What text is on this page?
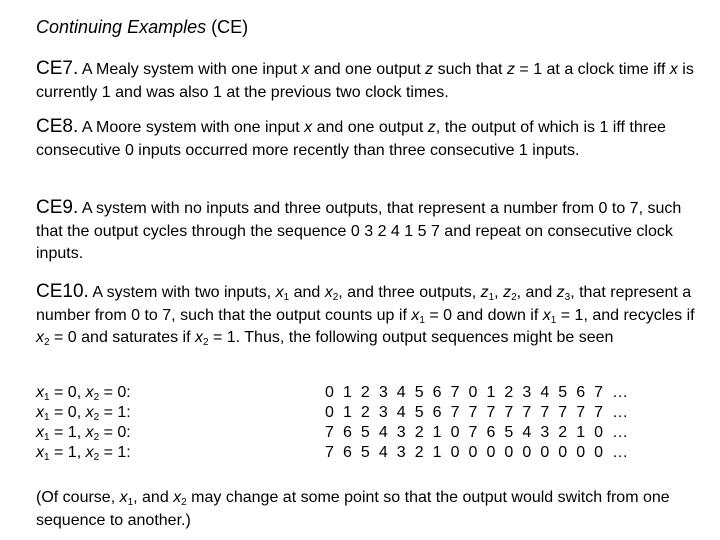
Continuing Examples (CE)

CE7. A Mealy system with one input x and one output z such that z = 1 at a clock time iff x is currently 1 and was also 1 at the previous two clock times.

CE8. A Moore system with one input x and one output z, the output of which is 1 iff three consecutive 0 inputs occurred more recently than three consecutive 1 inputs.

CE9. A system with no inputs and three outputs, that represent a number from 0 to 7, such that the output cycles through the sequence 0 3 2 4 1 5 7 and repeat on consecutive clock inputs.

CE10. A system with two inputs, $x_1$ and $x_2$, and three outputs, $z_1$, $z_2$, and $z_3$, that represent a number from 0 to 7, such that the output counts up if $x_1 = 0$ and down if $x_1 = 1$, and recycles if $x_2 = 0$ and saturates if $x_2 = 1$. Thus, the following output sequences might be seen

$x_1 = 0$, $x_2 = 0$:	0 1 2 3 4 5 6 7 0 1 2 3 4 5 6 7 …
$x_1 = 0$, $x_2 = 1$:	0 1 2 3 4 5 6 7 7 7 7 7 7 7 7 7 …
$x_1 = 1$, $x_2 = 0$:	7 6 5 4 3 2 1 0 7 6 5 4 3 2 1 0 …
$x_1 = 1$, $x_2 = 1$:	7 6 5 4 3 2 1 0 0 0 0 0 0 0 0 0 …
(Of course, $x_1$, and $x_2$ may change at some point so that the output would switch from one sequence to another.)
